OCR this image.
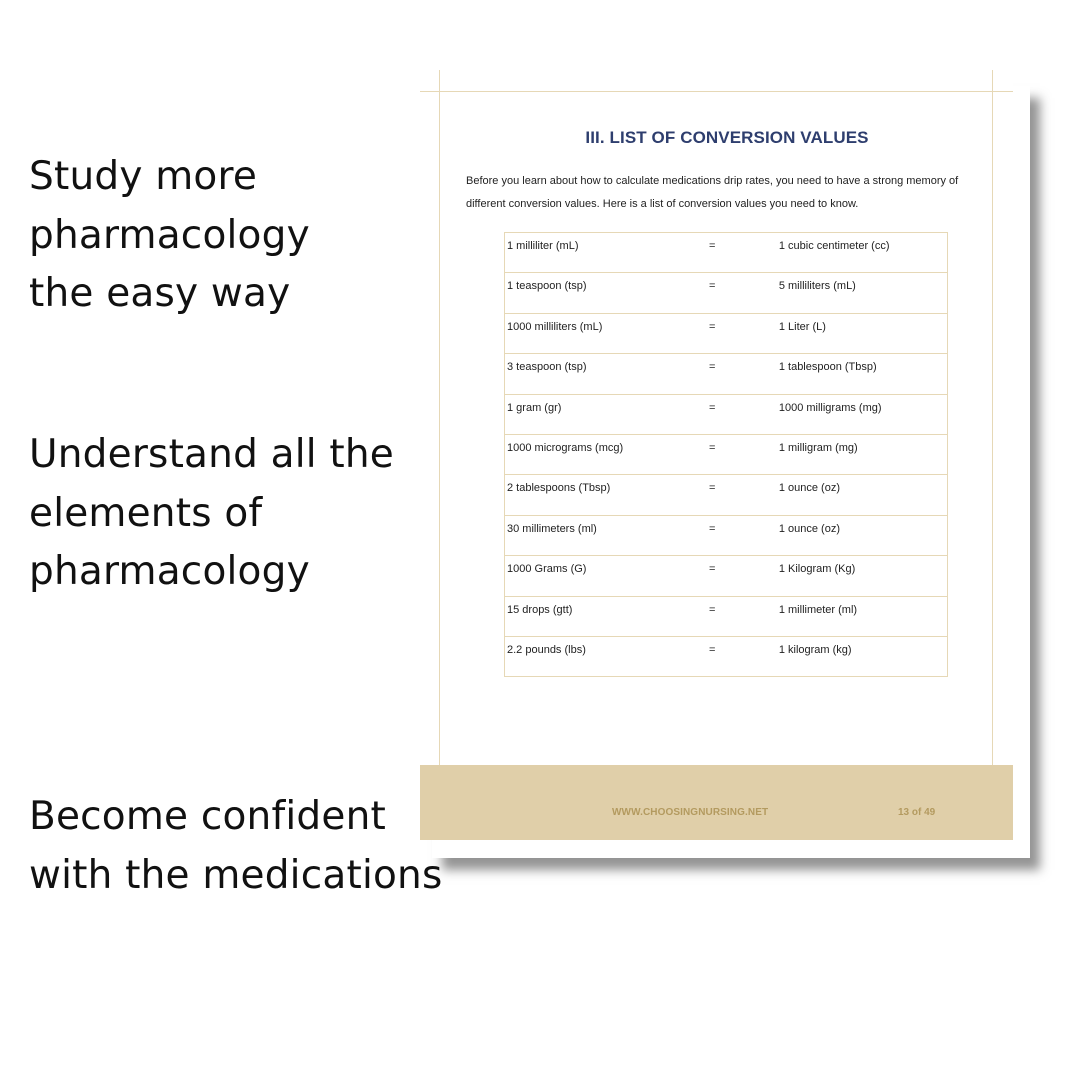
Study more
pharmacology
the easy way

Understand all the
elements of
pharmacology

Become confident
with the medications

III. LIST OF CONVERSION VALUES
Before you learn about how to calculate medications drip rates, you need to have a strong memory of different conversion values. Here is a list of conversion values you need to know.
1 milliliter (mL)	=	1 cubic centimeter (cc)
1 teaspoon (tsp)	=	5 milliliters (mL)
1000 milliliters (mL)	=	1 Liter (L)
3 teaspoon (tsp)	=	1 tablespoon (Tbsp)
1 gram (gr)	=	1000 milligrams (mg)
1000 micrograms (mcg)	=	1 milligram (mg)
2 tablespoons (Tbsp)	=	1 ounce (oz)
30 millimeters (ml)	=	1 ounce (oz)
1000 Grams (G)	=	1 Kilogram (Kg)
15 drops (gtt)	=	1 millimeter (ml)
2.2 pounds (lbs)	=	1 kilogram (kg)
WWW.CHOOSINGNURSING.NET	13 of 49
